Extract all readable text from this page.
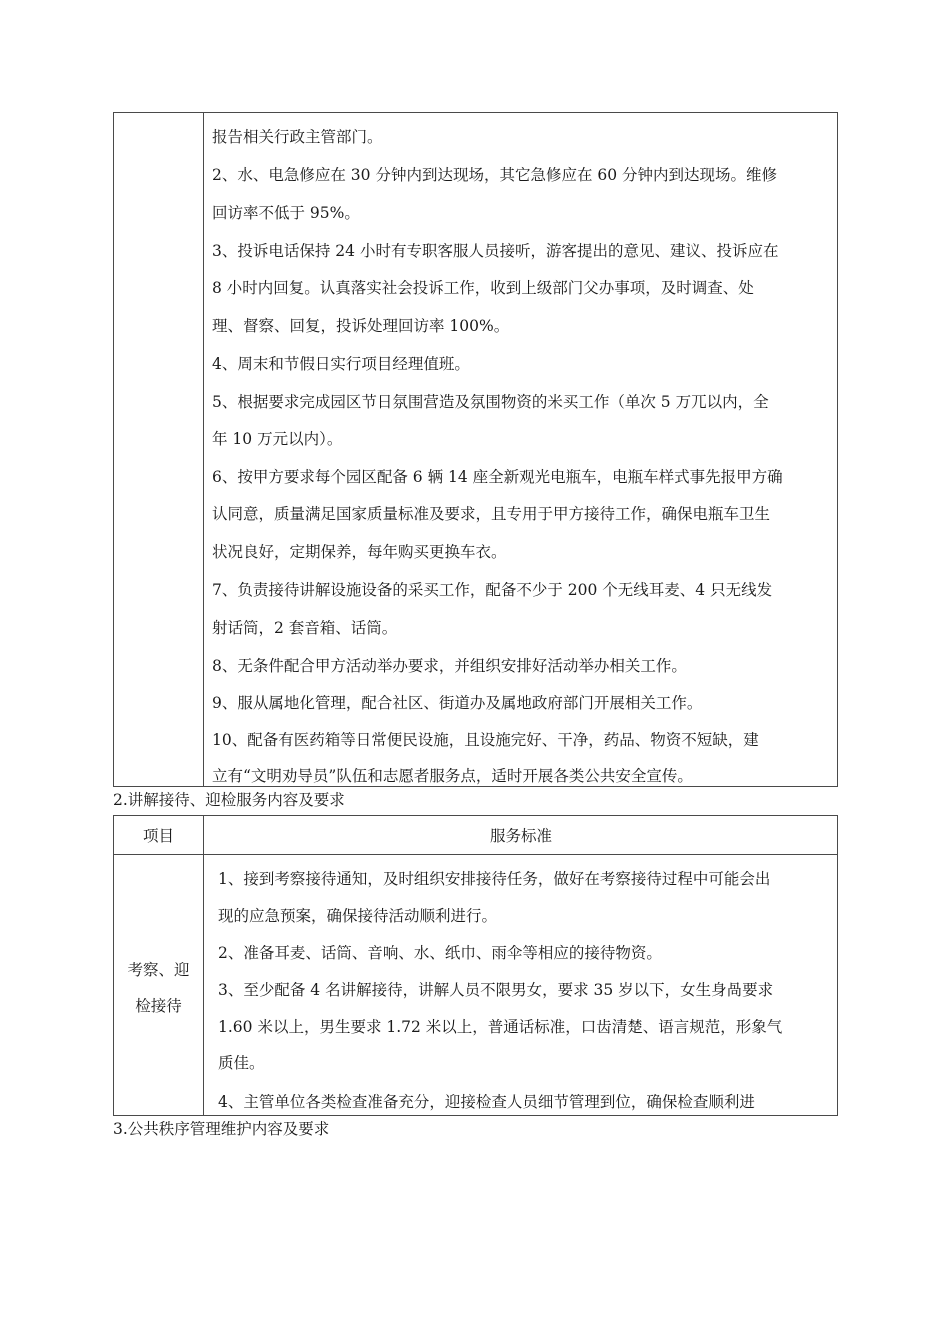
报告相关行政主管部门。
2、水、电急修应在 30 分钟内到达现场，其它急修应在 60 分钟内到达现场。维修
回访率不低于 95%。
3、投诉电话保持 24 小时有专职客服人员接听，游客提出的意见、建议、投诉应在
8 小时内回复。认真落实社会投诉工作，收到上级部门父办事项，及时调查、处
理、督察、回复，投诉处理回访率 100%。
4、周末和节假日实行项目经理值班。
5、根据要求完成园区节日氛围营造及氛围物资的米买工作（单次 5 万兀以内，全
年 10 万元以内）。
6、按甲方要求每个园区配备 6 辆 14 座全新观光电瓶车，电瓶车样式事先报甲方确
认同意，质量满足国家质量标准及要求，且专用于甲方接待工作，确保电瓶车卫生
状况良好，定期保养，每年购买更换车衣。
7、负责接待讲解设施设备的采买工作，配备不少于 200 个无线耳麦、4 只无线发
射话筒，2 套音箱、话筒。
8、无条件配合甲方活动举办要求，并组织安排好活动举办相关工作。
9、服从属地化管理，配合社区、街道办及属地政府部门开展相关工作。
10、配备有医药箱等日常便民设施，且设施完好、干净，药品、物资不短缺，建
立有“文明劝导员”队伍和志愿者服务点，适时开展各类公共安全宣传。
2.讲解接待、迎检服务内容及要求
项目	服务标准
考察、迎
检接待
1、接到考察接待通知，及时组织安排接待任务，做好在考察接待过程中可能会出
现的应急预案，确保接待活动顺利进行。
2、准备耳麦、话筒、音响、水、纸巾、雨伞等相应的接待物资。
3、至少配备 4 名讲解接待，讲解人员不限男女，要求 35 岁以下，女生身咼要求
1.60 米以上，男生要求 1.72 米以上，普通话标准，口齿清楚、语言规范，形象气
质佳。
4、主管单位各类检查准备充分，迎接检查人员细节管理到位，确保检查顺利进
3.公共秩序管理维护内容及要求
